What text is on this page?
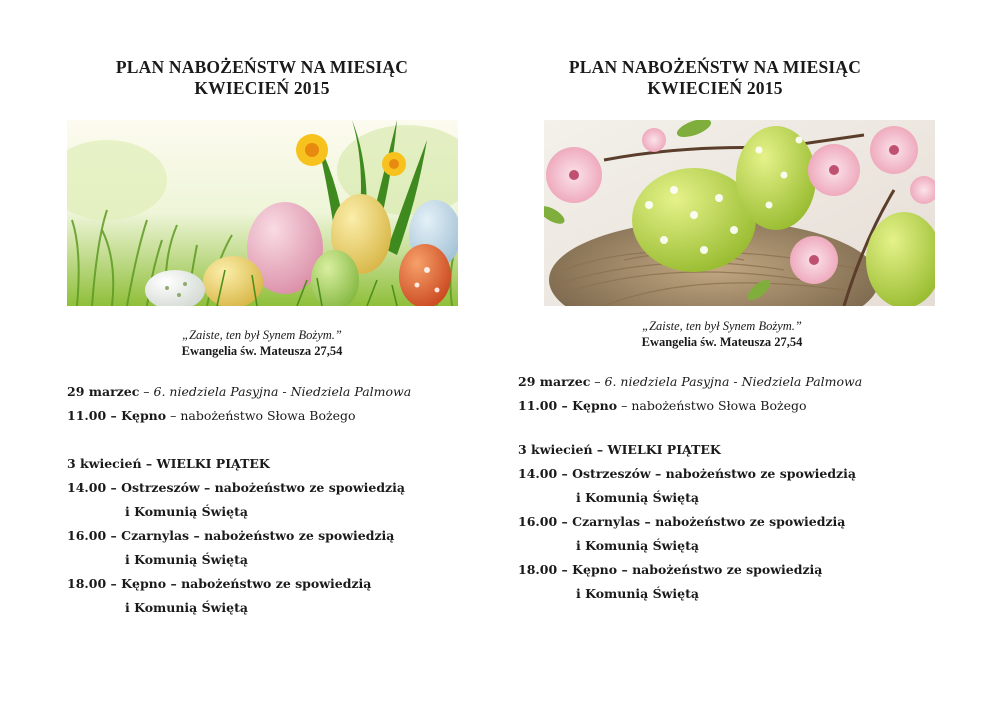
PLAN NABOŻEŃSTW NA MIESIĄC
KWIECIEŃ 2015
„Zaiste, ten był Synem Bożym.”
Ewangelia św. Mateusza 27,54
29 marzec – 6. niedziela Pasyjna - Niedziela Palmowa
11.00 – Kępno – nabożeństwo Słowa Bożego
3 kwiecień – WIELKI PIĄTEK
14.00 – Ostrzeszów – nabożeństwo ze spowiedzią
i Komunią Świętą
16.00 – Czarnylas – nabożeństwo ze spowiedzią
i Komunią Świętą
18.00 – Kępno – nabożeństwo ze spowiedzią
i Komunią Świętą
PLAN NABOŻEŃSTW NA MIESIĄC
KWIECIEŃ 2015
„Zaiste, ten był Synem Bożym.”
Ewangelia św. Mateusza 27,54
29 marzec – 6. niedziela Pasyjna - Niedziela Palmowa
11.00 – Kępno – nabożeństwo Słowa Bożego
3 kwiecień – WIELKI PIĄTEK
14.00 – Ostrzeszów – nabożeństwo ze spowiedzią
i Komunią Świętą
16.00 – Czarnylas – nabożeństwo ze spowiedzią
i Komunią Świętą
18.00 – Kępno – nabożeństwo ze spowiedzią
i Komunią Świętą
